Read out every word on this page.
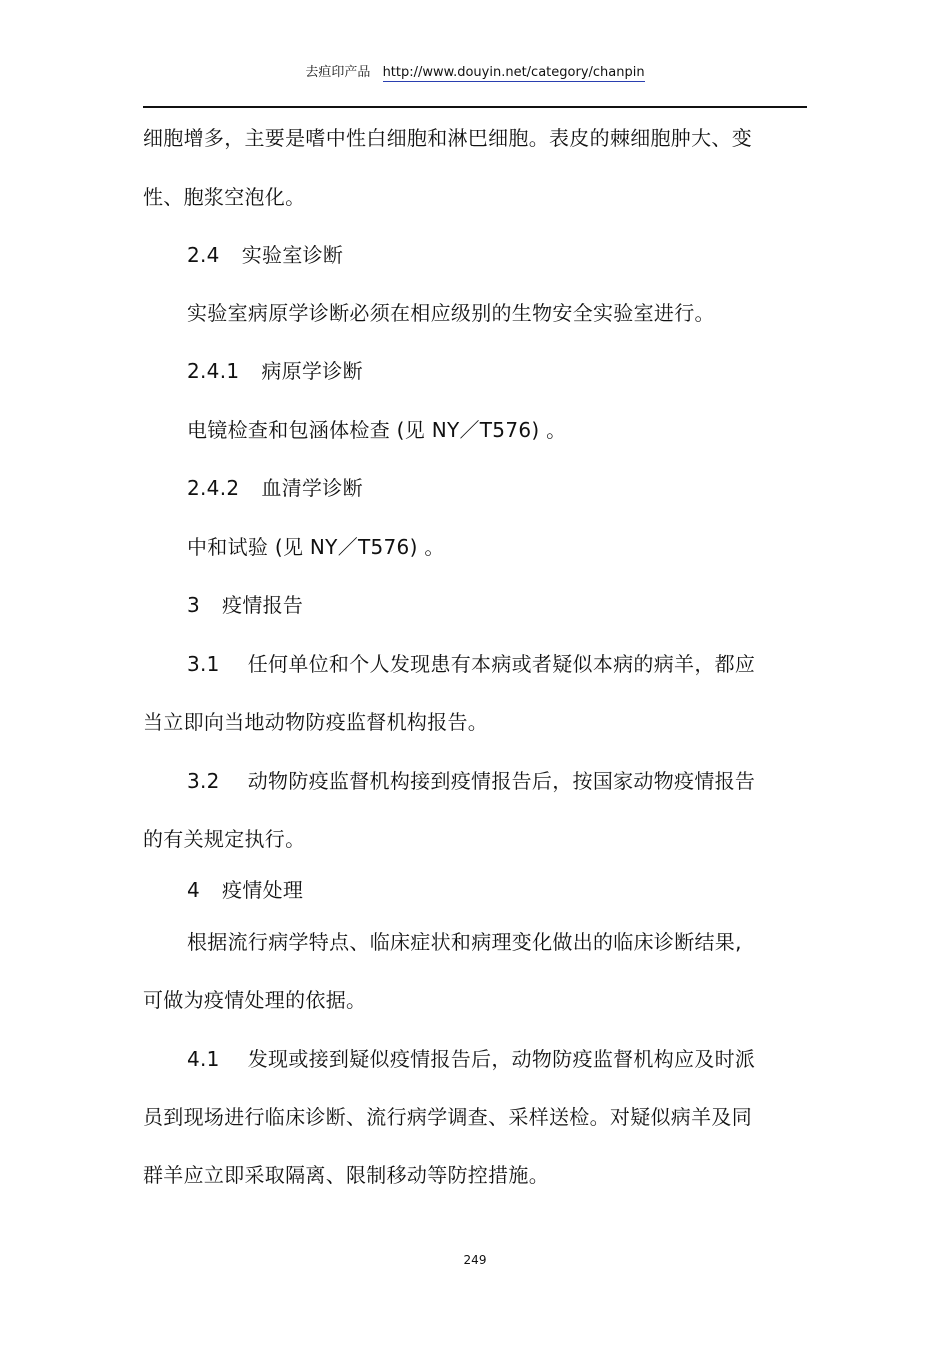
去疸印产品 http://www.douyin.net/category/chanpin
细胞增多，主要是嗜中性白细胞和淋巴细胞。表皮的棘细胞肿大、变
性、胞浆空泡化。
2.4 实验室诊断
实验室病原学诊断必须在相应级别的生物安全实验室进行。
2.4.1 病原学诊断
电镜检查和包涵体检查 (见 NY／T576) 。
2.4.2 血清学诊断
中和试验 (见 NY／T576) 。
3 疫情报告
3.1 任何单位和个人发现患有本病或者疑似本病的病羊，都应
当立即向当地动物防疫监督机构报告。
3.2 动物防疫监督机构接到疫情报告后，按国家动物疫情报告
的有关规定执行。
4 疫情处理
根据流行病学特点、临床症状和病理变化做出的临床诊断结果,
可做为疫情处理的依据。
4.1 发现或接到疑似疫情报告后，动物防疫监督机构应及时派
员到现场进行临床诊断、流行病学调查、采样送检。对疑似病羊及同
群羊应立即采取隔离、限制移动等防控措施。
249
